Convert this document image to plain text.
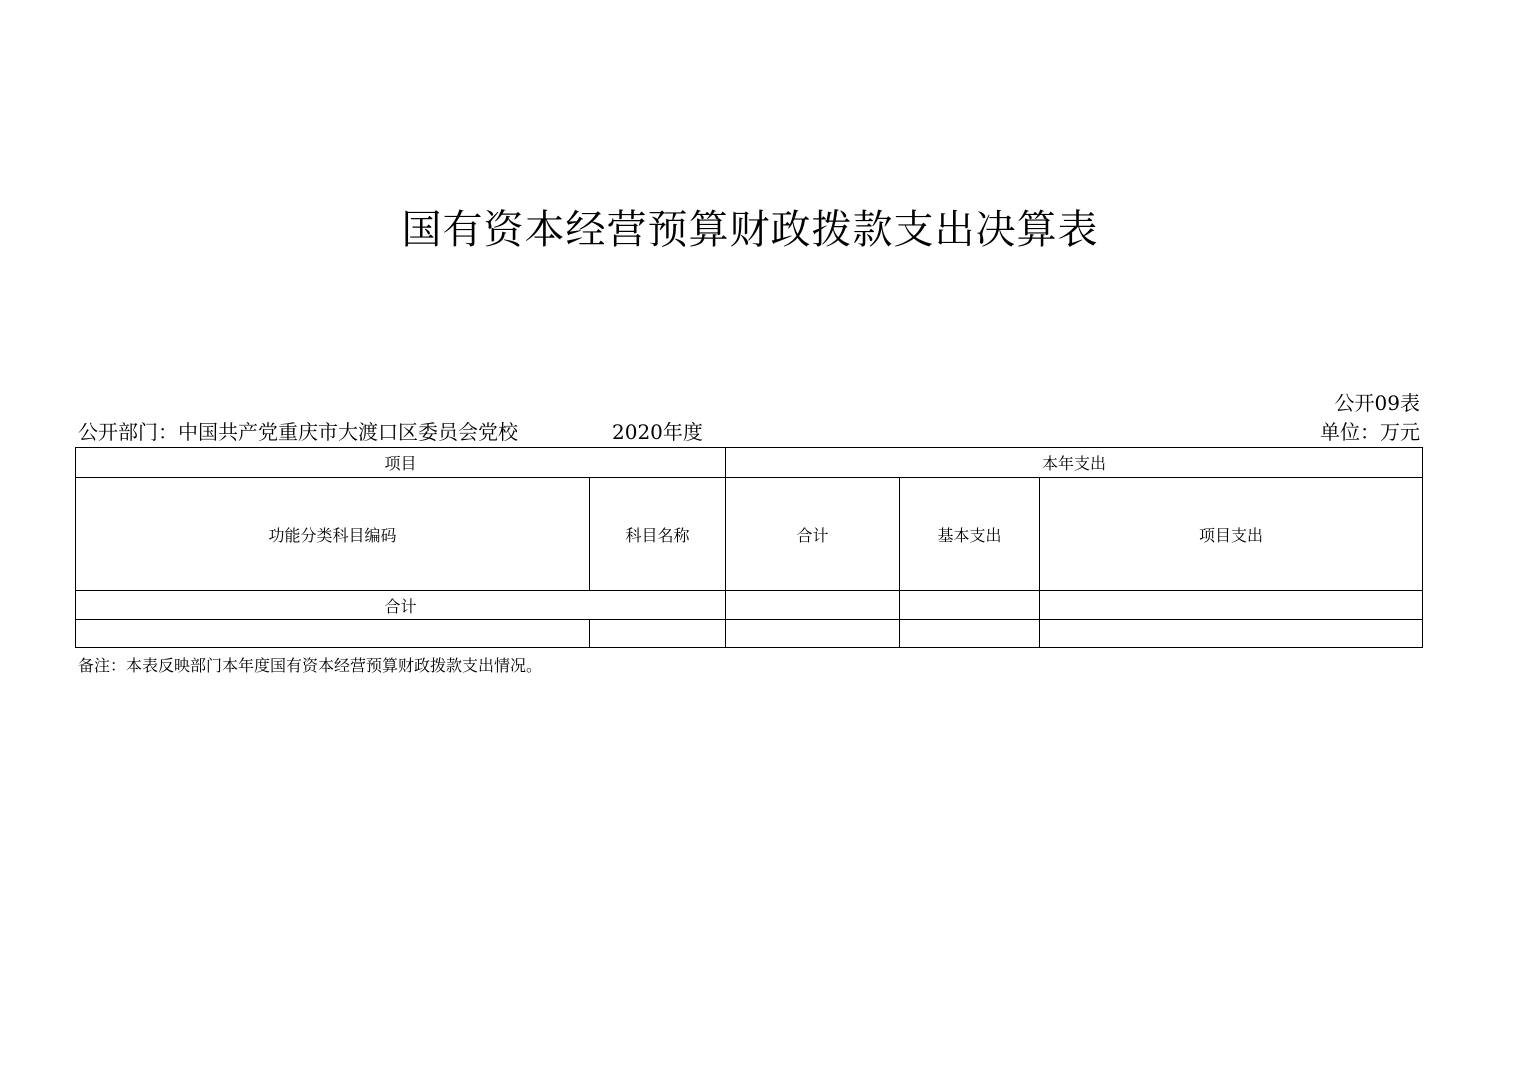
国有资本经营预算财政拨款支出决算表
公开09表
公开部门：中国共产党重庆市大渡口区委员会党校	2020年度	单位：万元
项目		本年支出		
功能分类科目编码	科目名称	合计	基本支出	项目支出
合计				

备注：本表反映部门本年度国有资本经营预算财政拨款支出情况。
